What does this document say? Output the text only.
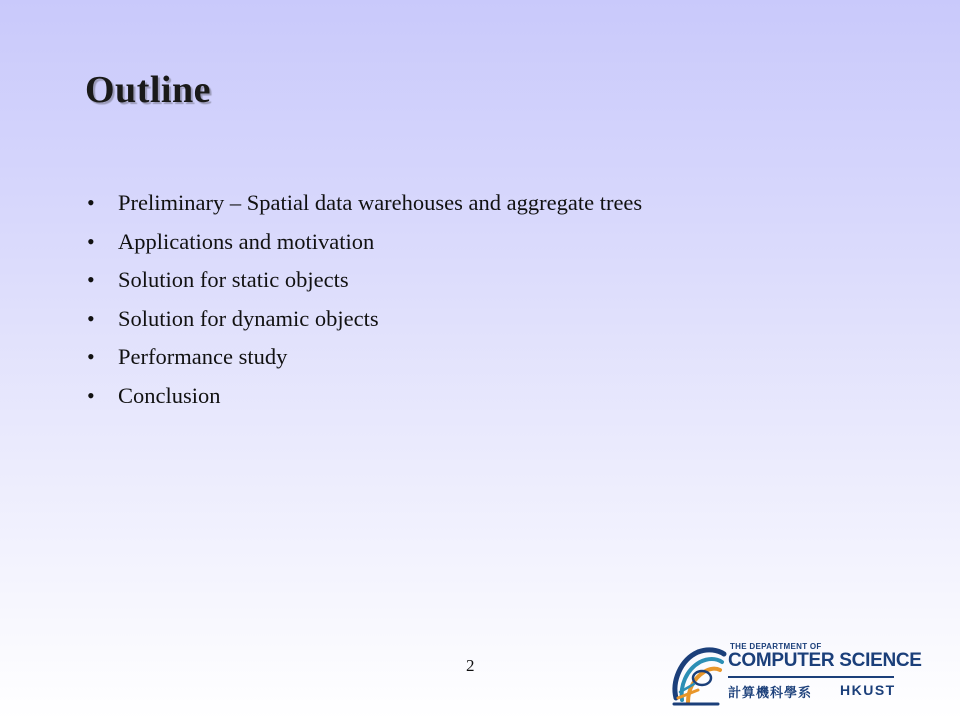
Outline
• Preliminary – Spatial data warehouses and aggregate trees
• Applications and motivation
• Solution for static objects
• Solution for dynamic objects
• Performance study
• Conclusion
2
THE DEPARTMENT OF
COMPUTER SCIENCE
計算機科學系 HKUST
